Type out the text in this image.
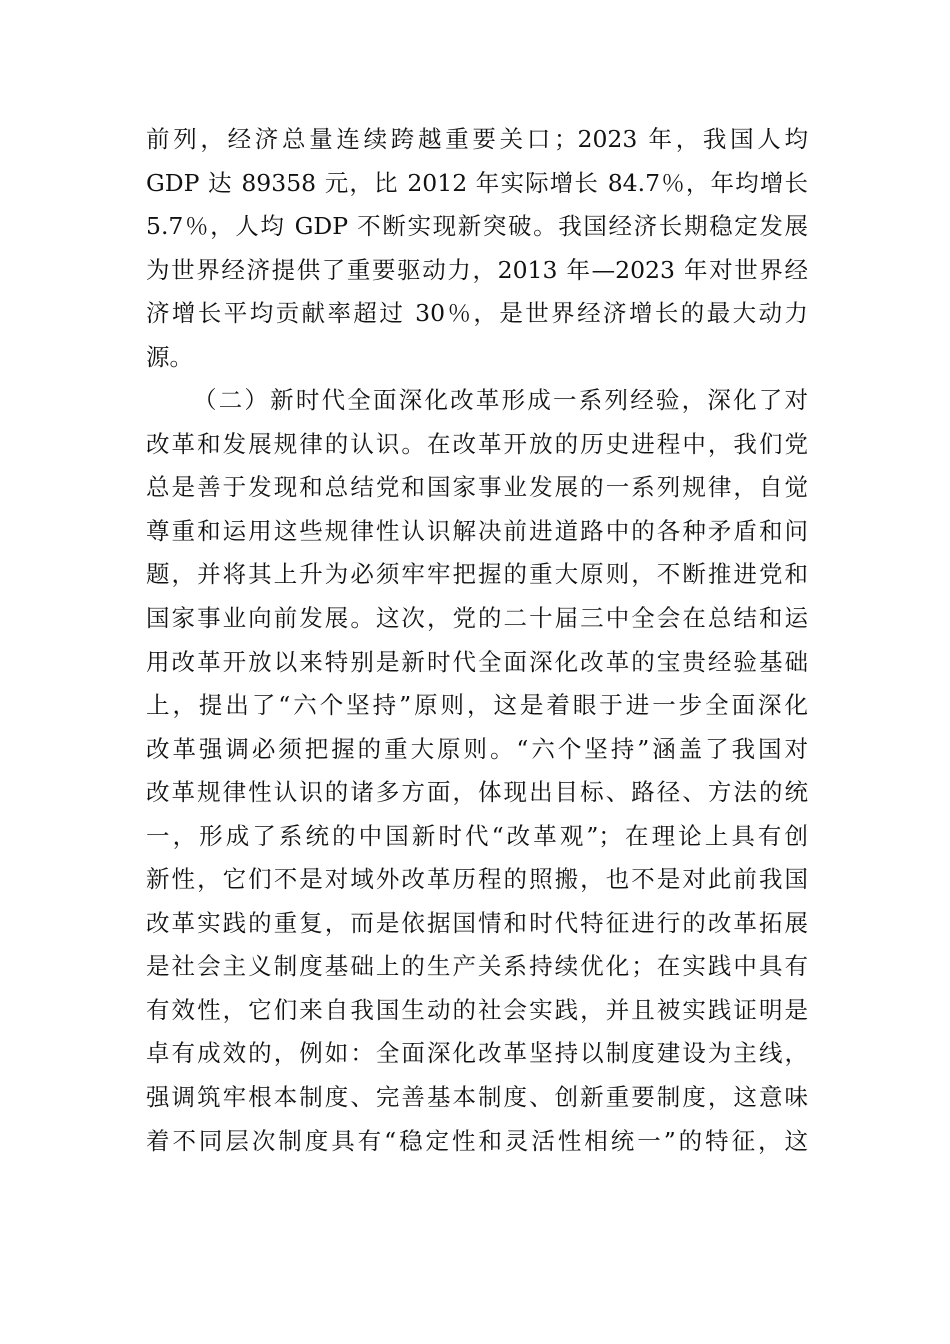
前列，经济总量连续跨越重要关口；2023 年，我国人均
GDP 达 89358 元，比 2012 年实际增长 84.7％，年均增长
5.7％，人均 GDP 不断实现新突破。我国经济长期稳定发展
为世界经济提供了重要驱动力，2013 年—2023 年对世界经
济增长平均贡献率超过 30％，是世界经济增长的最大动力
源。
（二）新时代全面深化改革形成一系列经验，深化了对
改革和发展规律的认识。在改革开放的历史进程中，我们党
总是善于发现和总结党和国家事业发展的一系列规律，自觉
尊重和运用这些规律性认识解决前进道路中的各种矛盾和问
题，并将其上升为必须牢牢把握的重大原则，不断推进党和
国家事业向前发展。这次，党的二十届三中全会在总结和运
用改革开放以来特别是新时代全面深化改革的宝贵经验基础
上，提出了“六个坚持”原则，这是着眼于进一步全面深化
改革强调必须把握的重大原则。“六个坚持”涵盖了我国对
改革规律性认识的诸多方面，体现出目标、路径、方法的统
一，形成了系统的中国新时代“改革观”；在理论上具有创
新性，它们不是对域外改革历程的照搬，也不是对此前我国
改革实践的重复，而是依据国情和时代特征进行的改革拓展
是社会主义制度基础上的生产关系持续优化；在实践中具有
有效性，它们来自我国生动的社会实践，并且被实践证明是
卓有成效的，例如：全面深化改革坚持以制度建设为主线，
强调筑牢根本制度、完善基本制度、创新重要制度，这意味
着不同层次制度具有“稳定性和灵活性相统一”的特征，这
